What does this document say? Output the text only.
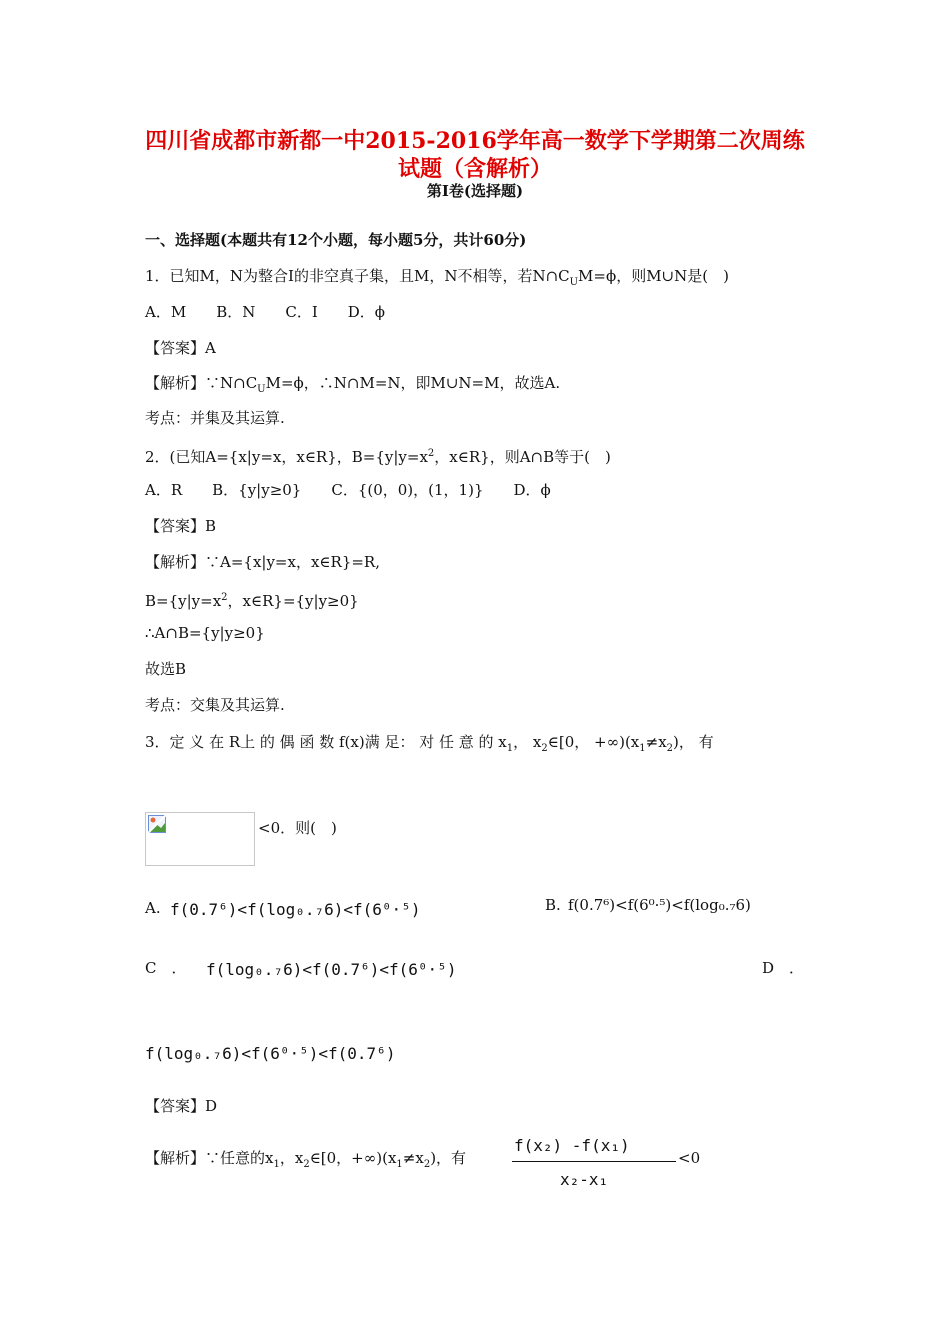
四川省成都市新都一中2015-2016学年高一数学下学期第二次周练
试题（含解析）
第I卷(选择题)
一、选择题(本题共有12个小题，每小题5分，共计60分)
1．已知M，N为整合I的非空真子集，且M，N不相等，若$N\cap C_UM=\phi$，则M∪N是(　)
A．M　　B．N　　C．I　　D．ϕ
【答案】A
【解析】$\because N\cap C_UM=\phi$，∴N∩M=N，即M∪N=M，故选A.
考点：并集及其运算.
2．(已知A={x|y=x，x∈R}，$B=\{y|y=x^2$，x∈R}，则A∩B等于(　)
A．R　　B．{y|y≥0}　　C．{(0，0)，(1，1)}　　D．ϕ
【答案】B
【解析】∵A={x|y=x，x∈R}=R,
$B=\{y|y=x^2$，x∈R}={y|y≥0}
∴A∩B={y|y≥0}
故选B
考点：交集及其运算.
3．定 义 在 R上 的 偶 函 数 f(x)满 足： 对 任 意 的 $x_1$， $x_2\in[0$， $+\infty)(x_1\ne x_2)$， 有
<0．则(　)
A. f(0.7⁶)<f(log₀.₇6)<f(6⁰·⁵)	B. f(0.7⁶)<f(6⁰·⁵)<f(log₀.₇6)
C　． f(log₀.₇6)<f(0.7⁶)<f(6⁰·⁵)	D　．
f(log₀.₇6)<f(6⁰·⁵)<f(0.7⁶)
【答案】D
【解析】∵任意的$x_1$，$x_2\in[0$，$+\infty)(x_1\ne x_2)$，有
f(x₂) -f(x₁)
x₂-x₁
<0
